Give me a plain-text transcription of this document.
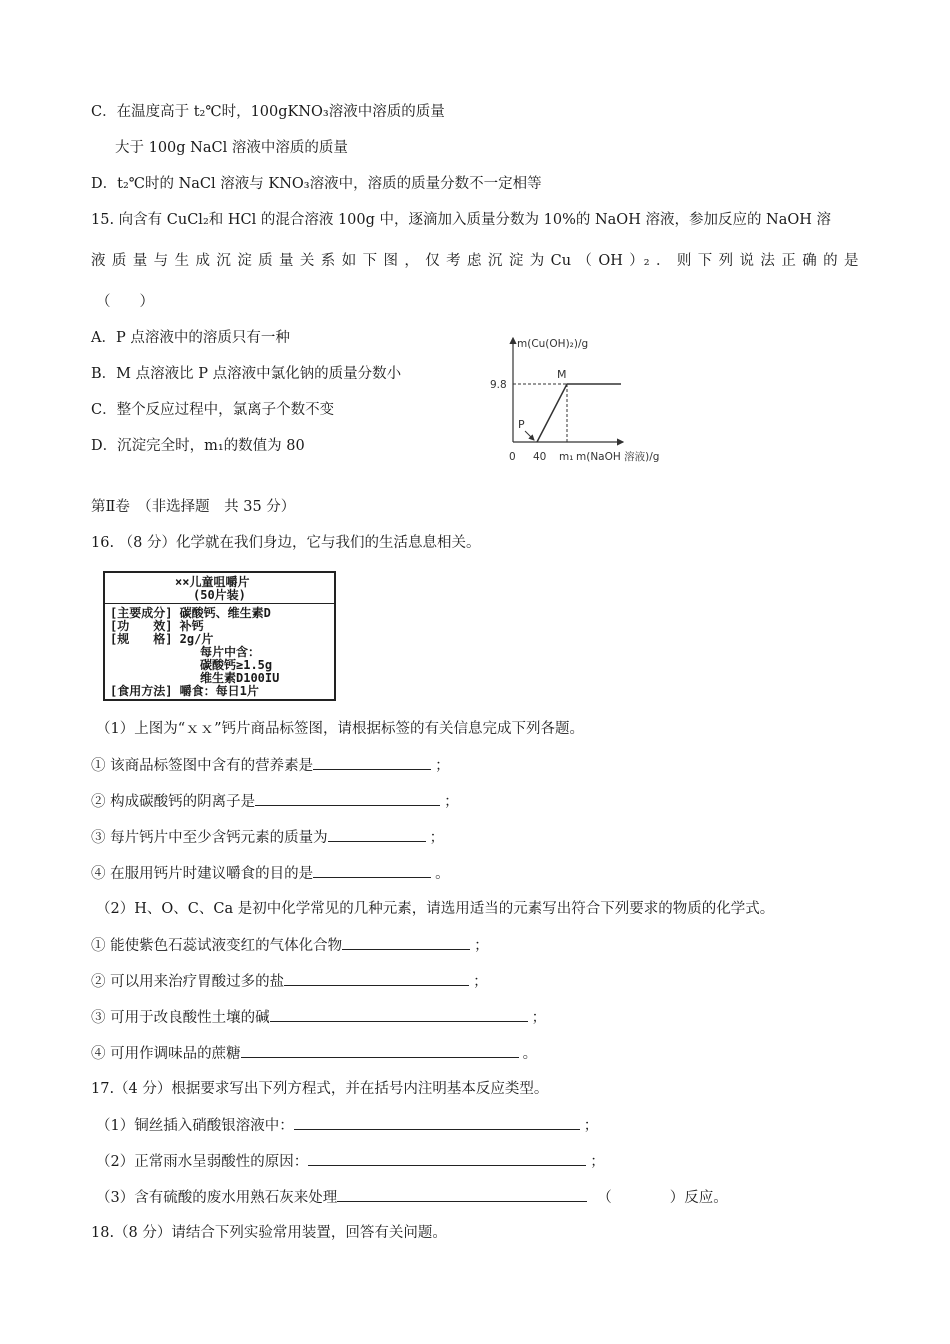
C．在温度高于 t₂℃时，100gKNO₃溶液中溶质的质量
大于 100g NaCl 溶液中溶质的质量
D．t₂℃时的 NaCl 溶液与 KNO₃溶液中，溶质的质量分数不一定相等
15. 向含有 CuCl₂和 HCl 的混合溶液 100g 中，逐滴加入质量分数为 10%的 NaOH 溶液，参加反应的 NaOH 溶
液 质 量 与 生 成 沉 淀 质 量 关 系 如 下 图 ， 仅 考 虑 沉 淀 为 Cu （ OH ）₂ ． 则 下 列 说 法 正 确 的 是
（　　）
A．P 点溶液中的溶质只有一种
B．M 点溶液比 P 点溶液中氯化钠的质量分数小
C．整个反应过程中，氯离子个数不变
D．沉淀完全时，m₁的数值为 80
m(Cu(OH)₂)/g
m(NaOH 溶液)/g
0 40 m₁
9.8
M
P
第Ⅱ卷　（非选择题　共 35 分）
16. （8 分）化学就在我们身边，它与我们的生活息息相关。
××儿童咀嚼片
(50片装)
[主要成分] 碳酸钙、维生素D
[功　　效] 补钙
[规　　格] 2g/片
每片中含：
碳酸钙≥1.5g
维生素D100IU
[食用方法] 嚼食：每日1片
（1）上图为“ｘｘ”钙片商品标签图，请根据标签的有关信息完成下列各题。
① 该商品标签图中含有的营养素是	；
② 构成碳酸钙的阴离子是	；
③ 每片钙片中至少含钙元素的质量为	；
④ 在服用钙片时建议嚼食的目的是	。
（2）H、O、C、Ca 是初中化学常见的几种元素，请选用适当的元素写出符合下列要求的物质的化学式。
① 能使紫色石蕊试液变红的气体化合物	；
② 可以用来治疗胃酸过多的盐	；
③ 可用于改良酸性土壤的碱	；
④ 可用作调味品的蔗糖	。
17.（4 分）根据要求写出下列方程式，并在括号内注明基本反应类型。
（1）铜丝插入硝酸银溶液中：	；
（2）正常雨水呈弱酸性的原因：	；
（3）含有硫酸的废水用熟石灰来处理	（　　　　）反应。
18.（8 分）请结合下列实验常用装置，回答有关问题。
